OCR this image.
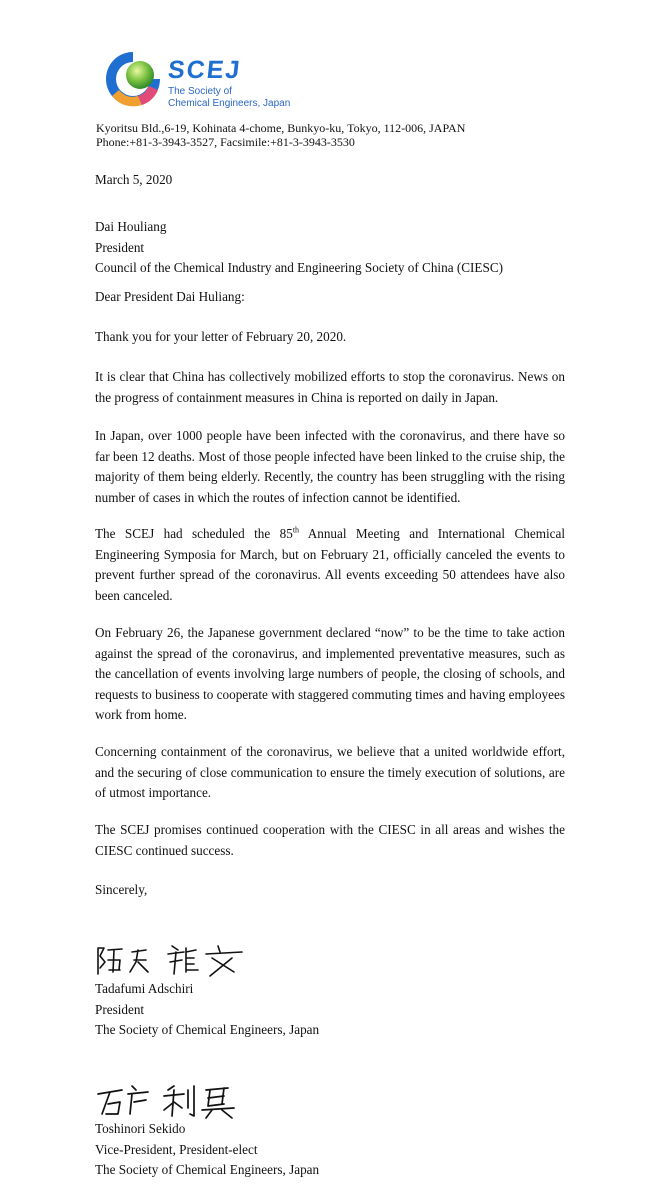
SCEJ
The Society of
Chemical Engineers, Japan
Kyoritsu Bld.,6-19, Kohinata 4-chome, Bunkyo-ku, Tokyo, 112-006, JAPAN
Phone:+81-3-3943-3527, Facsimile:+81-3-3943-3530
March 5, 2020
Dai Houliang
President
Council of the Chemical Industry and Engineering Society of China (CIESC)
Dear President Dai Huliang:
Thank you for your letter of February 20, 2020.
It is clear that China has collectively mobilized efforts to stop the coronavirus. News on the progress of containment measures in China is reported on daily in Japan.
In Japan, over 1000 people have been infected with the coronavirus, and there have so far been 12 deaths. Most of those people infected have been linked to the cruise ship, the majority of them being elderly. Recently, the country has been struggling with the rising number of cases in which the routes of infection cannot be identified.
The SCEJ had scheduled the 85th Annual Meeting and International Chemical Engineering Symposia for March, but on February 21, officially canceled the events to prevent further spread of the coronavirus. All events exceeding 50 attendees have also been canceled.
On February 26, the Japanese government declared “now” to be the time to take action against the spread of the coronavirus, and implemented preventative measures, such as the cancellation of events involving large numbers of people, the closing of schools, and requests to business to cooperate with staggered commuting times and having employees work from home.
Concerning containment of the coronavirus, we believe that a united worldwide effort, and the securing of close communication to ensure the timely execution of solutions, are of utmost importance.
The SCEJ promises continued cooperation with the CIESC in all areas and wishes the CIESC continued success.
Sincerely,
Tadafumi Adschiri
President
The Society of Chemical Engineers, Japan
Toshinori Sekido
Vice-President, President-elect
The Society of Chemical Engineers, Japan
